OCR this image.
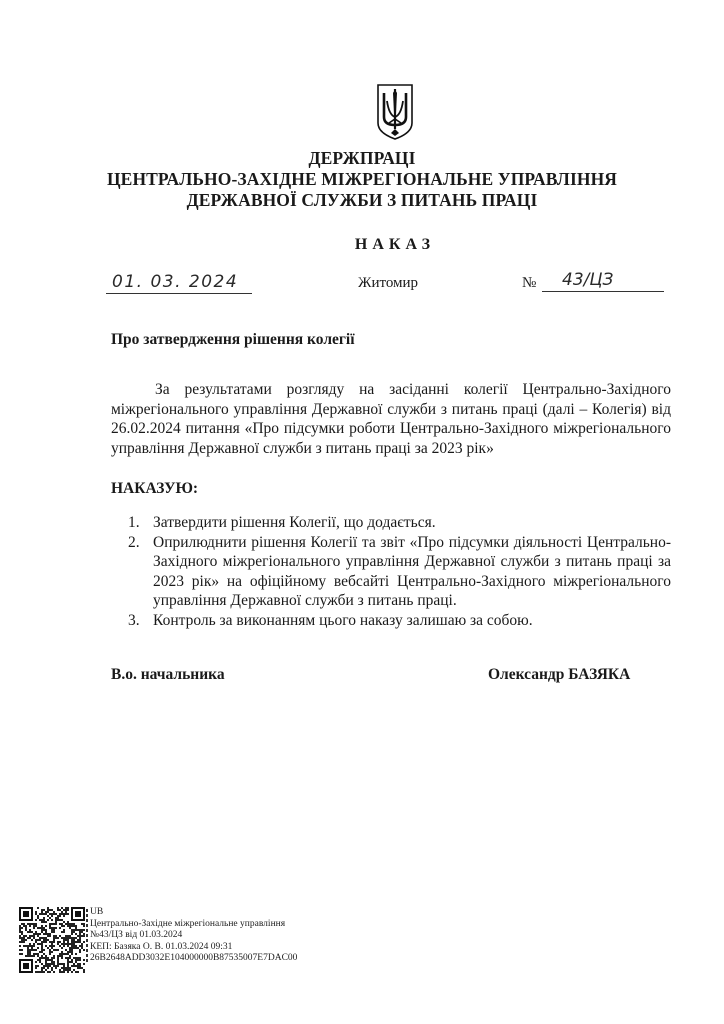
ДЕРЖПРАЦІ
ЦЕНТРАЛЬНО-ЗАХІДНЕ МІЖРЕГІОНАЛЬНЕ УПРАВЛІННЯ
ДЕРЖАВНОЇ СЛУЖБИ З ПИТАНЬ ПРАЦІ
НАКАЗ
01. 03. 2024	Житомир	№	43/ЦЗ
Про затвердження рішення колегії
За результатами розгляду на засіданні колегії Центрально-Західного міжрегіонального управління Державної служби з питань праці (далі – Колегія) від 26.02.2024 питання «Про підсумки роботи Центрально-Західного міжрегіонального управління Державної служби з питань праці за 2023 рік»
НАКАЗУЮ:
1. Затвердити рішення Колегії, що додається.
2. Оприлюднити рішення Колегії та звіт «Про підсумки діяльності Центрально-Західного міжрегіонального управління Державної служби з питань праці за 2023 рік» на офіційному вебсайті Центрально-Західного міжрегіонального управління Державної служби з питань праці.
3. Контроль за виконанням цього наказу залишаю за собою.
В.о. начальника	Олександр БАЗЯКА
UB
Центрально-Західне міжрегіональне управління
№43/ЦЗ від 01.03.2024
КЕП: Базяка О. В. 01.03.2024 09:31
26B2648ADD3032E104000000B87535007E7DAC00
